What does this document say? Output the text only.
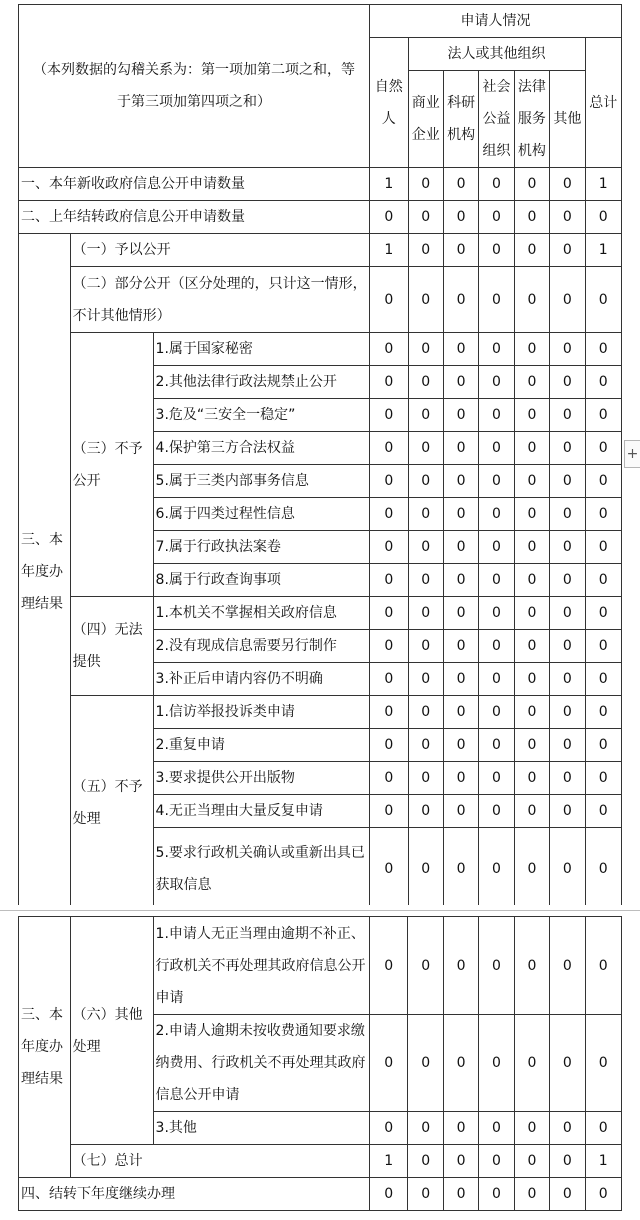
（本列数据的勾稽关系为：第一项加第二项之和，等于第三项加第四项之和）			申请人情况						
			自然人	法人或其他组织					总计
				商业企业	科研机构	社会公益组织	法律服务机构	其他	
一、本年新收政府信息公开申请数量			1	0	0	0	0	0	1
二、上年结转政府信息公开申请数量			0	0	0	0	0	0	0
三、本年度办理结果	（一）予以公开		1	0	0	0	0	0	1
	（二）部分公开（区分处理的，只计这一情形，不计其他情形）		0	0	0	0	0	0	0
	（三）不予公开	1.属于国家秘密	0	0	0	0	0	0	0
		2.其他法律行政法规禁止公开	0	0	0	0	0	0	0
		3.危及“三安全一稳定”	0	0	0	0	0	0	0
		4.保护第三方合法权益	0	0	0	0	0	0	0
		5.属于三类内部事务信息	0	0	0	0	0	0	0
		6.属于四类过程性信息	0	0	0	0	0	0	0
		7.属于行政执法案卷	0	0	0	0	0	0	0
		8.属于行政查询事项	0	0	0	0	0	0	0
	（四）无法提供	1.本机关不掌握相关政府信息	0	0	0	0	0	0	0
		2.没有现成信息需要另行制作	0	0	0	0	0	0	0
		3.补正后申请内容仍不明确	0	0	0	0	0	0	0
	（五）不予处理	1.信访举报投诉类申请	0	0	0	0	0	0	0
		2.重复申请	0	0	0	0	0	0	0
		3.要求提供公开出版物	0	0	0	0	0	0	0
		4.无正当理由大量反复申请	0	0	0	0	0	0	0
		5.要求行政机关确认或重新出具已获取信息	0	0	0	0	0	0	0
+
三、本年度办理结果	（六）其他处理	1.申请人无正当理由逾期不补正、行政机关不再处理其政府信息公开申请	0	0	0	0	0	0	0
		2.申请人逾期未按收费通知要求缴纳费用、行政机关不再处理其政府信息公开申请	0	0	0	0	0	0	0
		3.其他	0	0	0	0	0	0	0
	（七）总计		1	0	0	0	0	0	1
四、结转下年度继续办理			0	0	0	0	0	0	0
